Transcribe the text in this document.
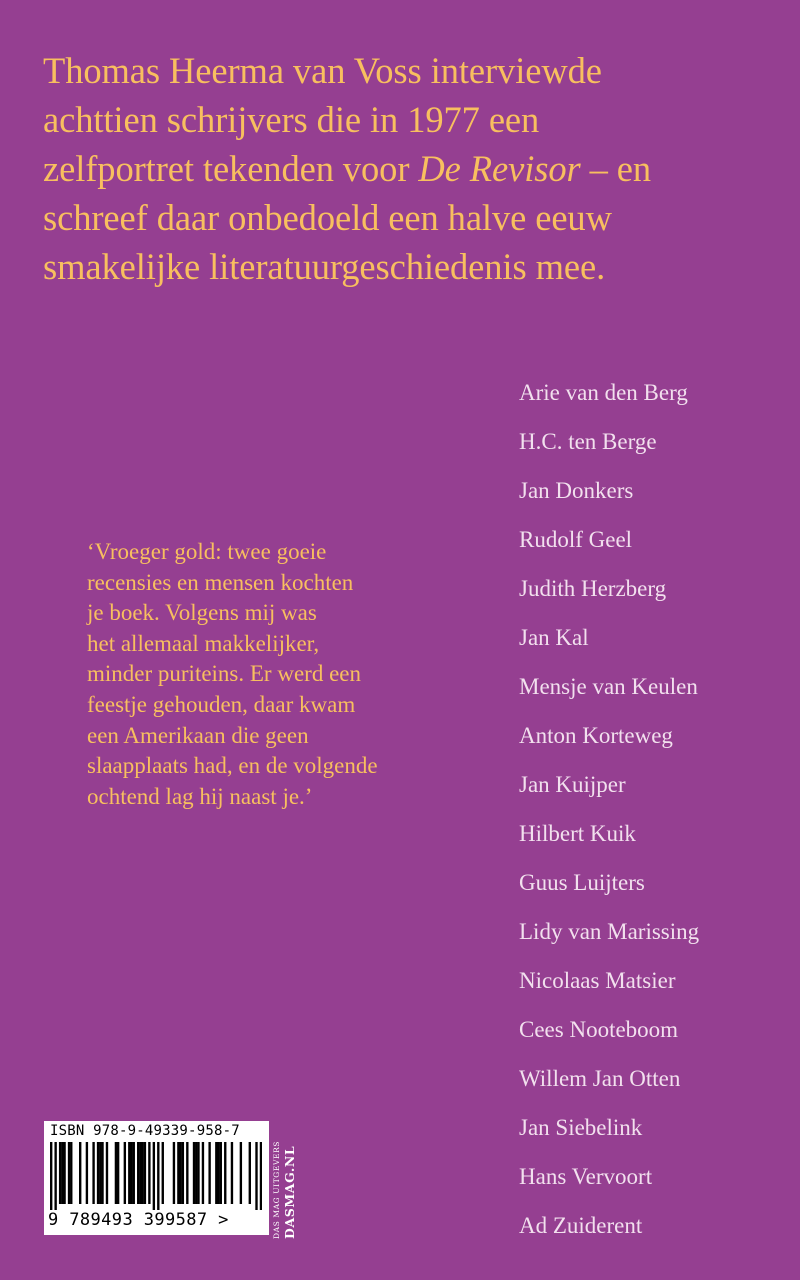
Thomas Heerma van Voss interviewde
achttien schrijvers die in 1977 een
zelfportret tekenden voor De Revisor – en
schreef daar onbedoeld een halve eeuw
smakelijke literatuurgeschiedenis mee.
‘Vroeger gold: twee goeie
recensies en mensen kochten
je boek. Volgens mij was
het allemaal makkelijker,
minder puriteins. Er werd een
feestje gehouden, daar kwam
een Amerikaan die geen
slaapplaats had, en de volgende
ochtend lag hij naast je.’
Arie van den Berg
H.C. ten Berge
Jan Donkers
Rudolf Geel
Judith Herzberg
Jan Kal
Mensje van Keulen
Anton Korteweg
Jan Kuijper
Hilbert Kuik
Guus Luijters
Lidy van Marissing
Nicolaas Matsier
Cees Nooteboom
Willem Jan Otten
Jan Siebelink
Hans Vervoort
Ad Zuiderent
ISBN 978-9-49339-958-7
9 789493 399587 >	DAS MAG UITGEVERS DASMAG.NL
